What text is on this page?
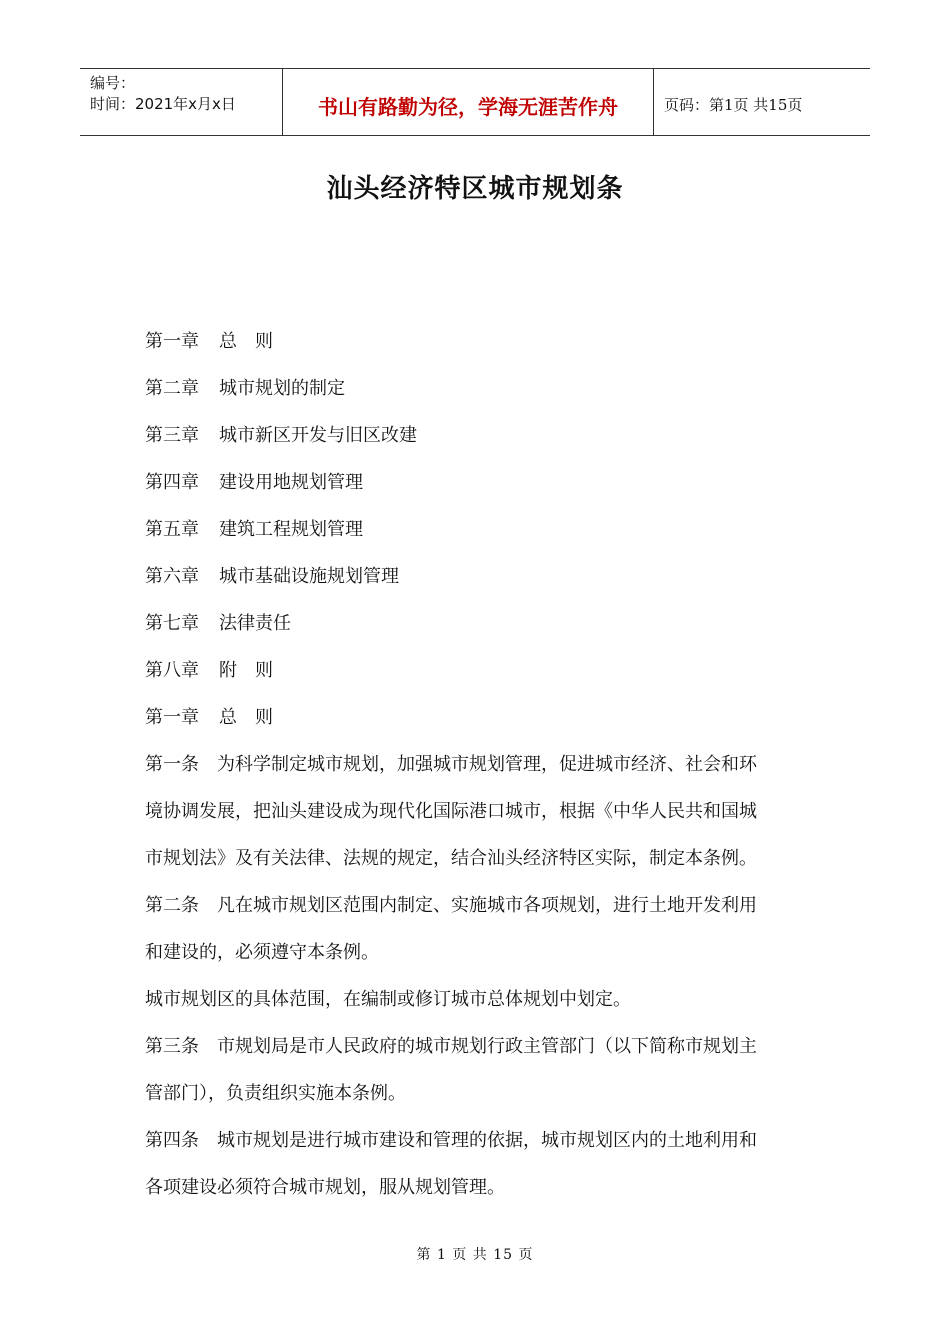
编号：
时间：2021年x月x日	书山有路勤为径，学海无涯苦作舟	页码：第1页 共15页
汕头经济特区城市规划条
第一章 总　则
第二章 城市规划的制定
第三章 城市新区开发与旧区改建
第四章 建设用地规划管理
第五章 建筑工程规划管理
第六章 城市基础设施规划管理
第七章 法律责任
第八章 附　则
第一章 总　则
第一条　为科学制定城市规划，加强城市规划管理，促进城市经济、社会和环
境协调发展，把汕头建设成为现代化国际港口城市，根据《中华人民共和国城
市规划法》及有关法律、法规的规定，结合汕头经济特区实际，制定本条例。
第二条　凡在城市规划区范围内制定、实施城市各项规划，进行土地开发利用
和建设的，必须遵守本条例。
城市规划区的具体范围，在编制或修订城市总体规划中划定。
第三条　市规划局是市人民政府的城市规划行政主管部门（以下简称市规划主
管部门），负责组织实施本条例。
第四条　城市规划是进行城市建设和管理的依据，城市规划区内的土地利用和
各项建设必须符合城市规划，服从规划管理。
第 1 页 共 15 页
